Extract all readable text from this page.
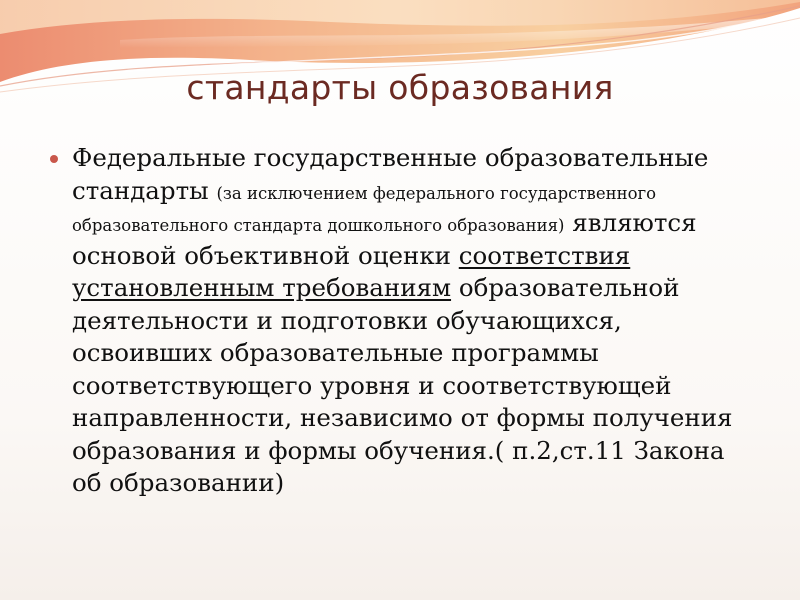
стандарты образования
Федеральные государственные образовательные стандарты (за исключением федерального государственного образовательного стандарта дошкольного образования) являются основой объективной оценки соответствия установленным требованиям образовательной деятельности и подготовки обучающихся, освоивших образовательные программы соответствующего уровня и соответствующей направленности, независимо от формы получения образования и формы обучения.( п.2,ст.11 Закона об образовании)
